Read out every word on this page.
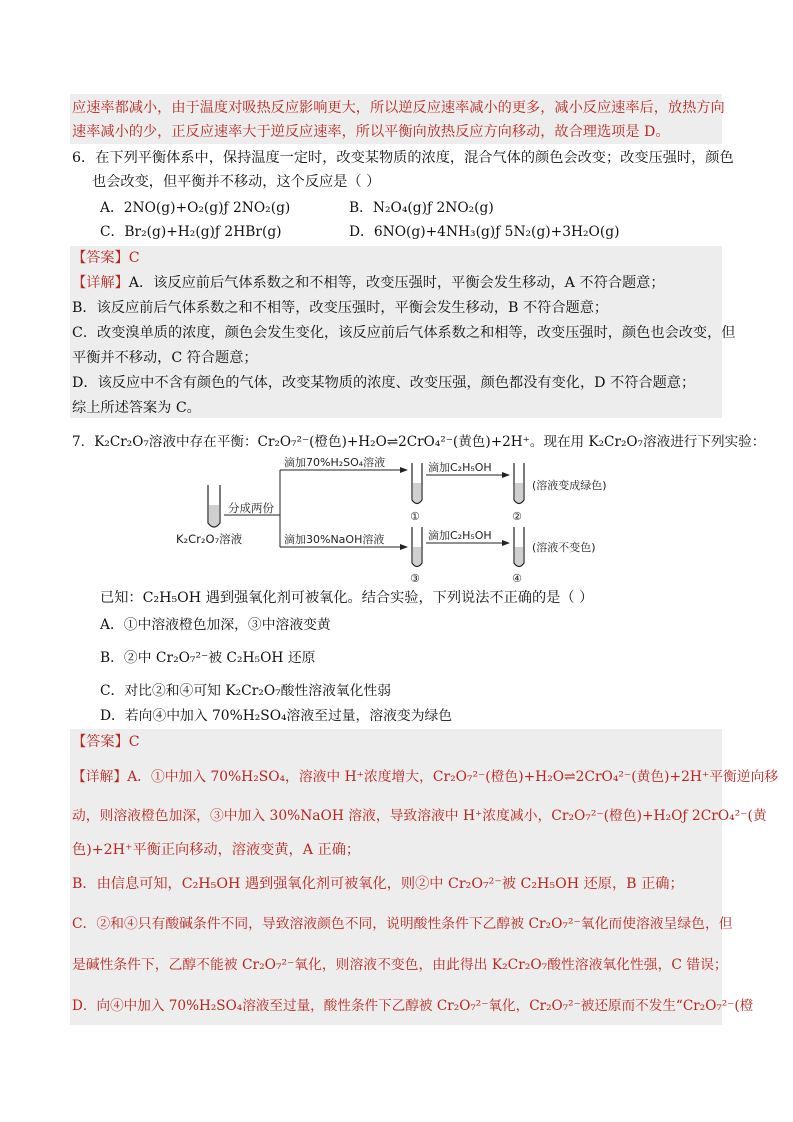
应速率都减小，由于温度对吸热反应影响更大，所以逆反应速率减小的更多，减小反应速率后，放热方向
速率减小的少，正反应速率大于逆反应速率，所以平衡向放热反应方向移动，故合理选项是 D。
6．在下列平衡体系中，保持温度一定时，改变某物质的浓度，混合气体的颜色会改变；改变压强时，颜色
也会改变，但平衡并不移动，这个反应是（ ）
A．2NO(g)+O₂(g)ƒ 2NO₂(g)	B．N₂O₄(g)ƒ 2NO₂(g)
C．Br₂(g)+H₂(g)ƒ 2HBr(g)	D．6NO(g)+4NH₃(g)ƒ 5N₂(g)+3H₂O(g)
【答案】C
【详解】A．该反应前后气体系数之和不相等，改变压强时，平衡会发生移动，A 不符合题意；
B．该反应前后气体系数之和不相等，改变压强时，平衡会发生移动，B 不符合题意；
C．改变溴单质的浓度，颜色会发生变化，该反应前后气体系数之和相等，改变压强时，颜色也会改变，但
平衡并不移动，C 符合题意；
D．该反应中不含有颜色的气体，改变某物质的浓度、改变压强，颜色都没有变化，D 不符合题意；
综上所述答案为 C。
7．K₂Cr₂O₇溶液中存在平衡：Cr₂O₇²⁻(橙色)+H₂O⇌2CrO₄²⁻(黄色)+2H⁺。现在用 K₂Cr₂O₇溶液进行下列实验：
K₂Cr₂O₇溶液
分成两份
滴加70%H₂SO₄溶液
①
滴加C₂H₅OH
②
(溶液变成绿色)
滴加30%NaOH溶液
③
滴加C₂H₅OH
④
(溶液不变色)
已知：C₂H₅OH 遇到强氧化剂可被氧化。结合实验，下列说法不正确的是（ ）
A．①中溶液橙色加深，③中溶液变黄
B．②中 Cr₂O₇²⁻被 C₂H₅OH 还原
C．对比②和④可知 K₂Cr₂O₇酸性溶液氧化性弱
D．若向④中加入 70%H₂SO₄溶液至过量，溶液变为绿色
【答案】C
【详解】A．①中加入 70%H₂SO₄，溶液中 H⁺浓度增大，Cr₂O₇²⁻(橙色)+H₂O⇌2CrO₄²⁻(黄色)+2H⁺平衡逆向移
动，则溶液橙色加深，③中加入 30%NaOH 溶液，导致溶液中 H⁺浓度减小，Cr₂O₇²⁻(橙色)+H₂Oƒ 2CrO₄²⁻(黄
色)+2H⁺平衡正向移动，溶液变黄，A 正确；
B．由信息可知，C₂H₅OH 遇到强氧化剂可被氧化，则②中 Cr₂O₇²⁻被 C₂H₅OH 还原，B 正确；
C．②和④只有酸碱条件不同，导致溶液颜色不同，说明酸性条件下乙醇被 Cr₂O₇²⁻氧化而使溶液呈绿色，但
是碱性条件下，乙醇不能被 Cr₂O₇²⁻氧化，则溶液不变色，由此得出 K₂Cr₂O₇酸性溶液氧化性强，C 错误；
D．向④中加入 70%H₂SO₄溶液至过量，酸性条件下乙醇被 Cr₂O₇²⁻氧化，Cr₂O₇²⁻被还原而不发生“Cr₂O₇²⁻(橙
